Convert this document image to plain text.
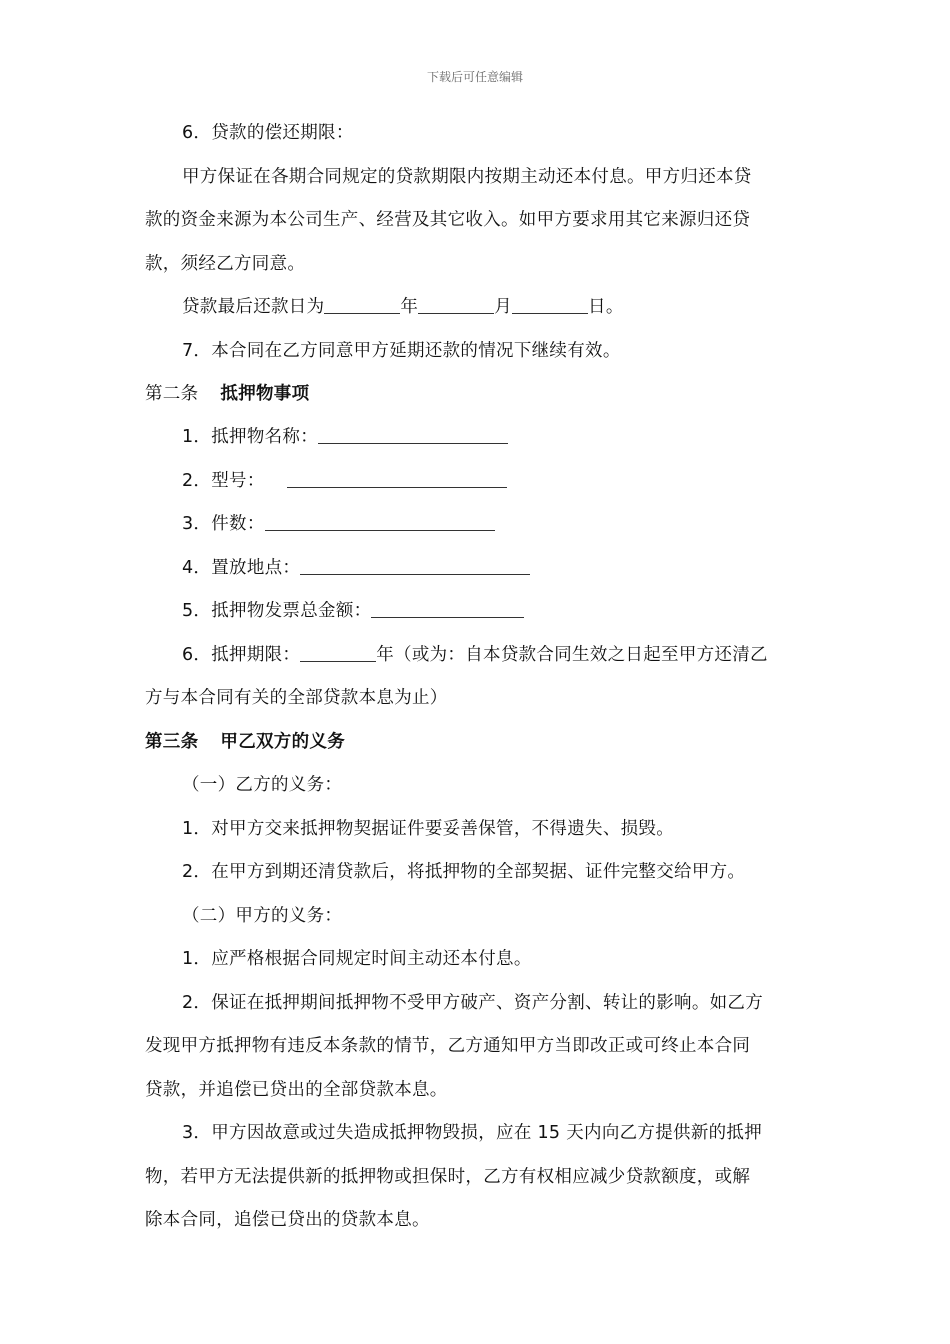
下载后可任意编辑
6．贷款的偿还期限：
甲方保证在各期合同规定的贷款期限内按期主动还本付息。甲方归还本贷
款的资金来源为本公司生产、经营及其它收入。如甲方要求用其它来源归还贷
款，须经乙方同意。
贷款最后还款日为	年	月	日。
7．本合同在乙方同意甲方延期还款的情况下继续有效。
第二条 抵押物事项
1．抵押物名称：
2．型号：
3．件数：
4．置放地点：
5．抵押物发票总金额：
6．抵押期限：	年（或为：自本贷款合同生效之日起至甲方还清乙
方与本合同有关的全部贷款本息为止）
第三条 甲乙双方的义务
（一）乙方的义务：
1．对甲方交来抵押物契据证件要妥善保管，不得遗失、损毁。
2．在甲方到期还清贷款后，将抵押物的全部契据、证件完整交给甲方。
（二）甲方的义务：
1．应严格根据合同规定时间主动还本付息。
2．保证在抵押期间抵押物不受甲方破产、资产分割、转让的影响。如乙方
发现甲方抵押物有违反本条款的情节，乙方通知甲方当即改正或可终止本合同
贷款，并追偿已贷出的全部贷款本息。
3．甲方因故意或过失造成抵押物毁损，应在 15 天内向乙方提供新的抵押
物，若甲方无法提供新的抵押物或担保时，乙方有权相应减少贷款额度，或解
除本合同，追偿已贷出的贷款本息。
